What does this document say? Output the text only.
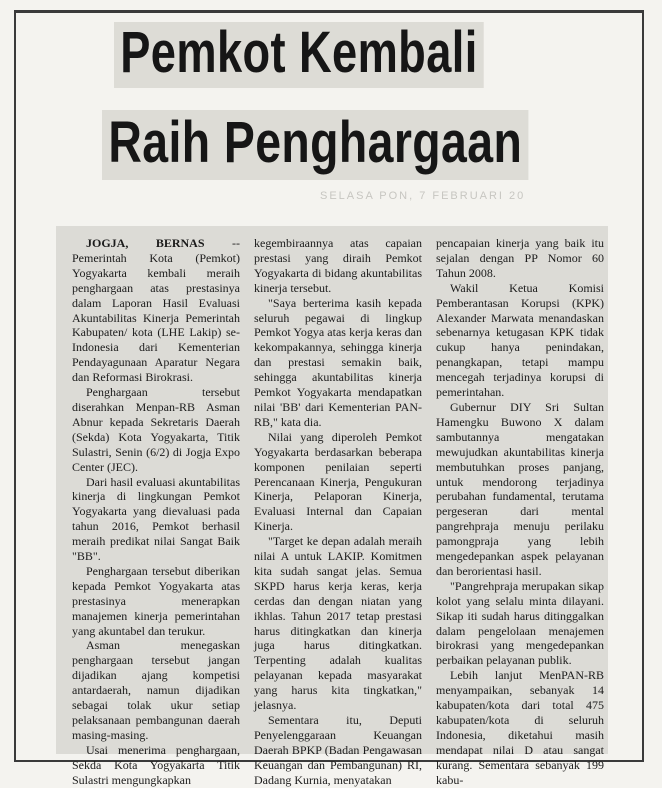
Pemkot Kembali
Raih Penghargaan
SELASA PON, 7 FEBRUARI 20

JOGJA, BERNAS -- Pemerintah Kota (Pemkot) Yogyakarta kembali meraih penghargaan atas prestasinya dalam Laporan Hasil Evaluasi Akuntabilitas Kinerja Pemerintah Kabupaten/ kota (LHE Lakip) se-Indonesia dari Kementerian Pendayagunaan Aparatur Negara dan Reformasi Birokrasi.

Penghargaan tersebut diserahkan Menpan-RB Asman Abnur kepada Sekretaris Daerah (Sekda) Kota Yogyakarta, Titik Sulastri, Senin (6/2) di Jogja Expo Center (JEC).

Dari hasil evaluasi akuntabilitas kinerja di lingkungan Pemkot Yogyakarta yang dievaluasi pada tahun 2016, Pemkot berhasil meraih predikat nilai Sangat Baik "BB".

Penghargaan tersebut diberikan kepada Pemkot Yogyakarta atas prestasinya menerapkan manajemen kinerja pemerintahan yang akuntabel dan terukur.

Asman menegaskan penghargaan tersebut jangan dijadikan ajang kompetisi antardaerah, namun dijadikan sebagai tolak ukur setiap pelaksanaan pembangunan daerah masing-masing.

Usai menerima penghargaan, Sekda Kota Yogyakarta Titik Sulastri mengungkapkan

kegembiraannya atas capaian prestasi yang diraih Pemkot Yogyakarta di bidang akuntabilitas kinerja tersebut.

"Saya berterima kasih kepada seluruh pegawai di lingkup Pemkot Yogya atas kerja keras dan kekompakannya, sehingga kinerja dan prestasi semakin baik, sehingga akuntabilitas kinerja Pemkot Yogyakarta mendapatkan nilai 'BB' dari Kementerian PAN-RB," kata dia.

Nilai yang diperoleh Pemkot Yogyakarta berdasarkan beberapa komponen penilaian seperti Perencanaan Kinerja, Pengukuran Kinerja, Pelaporan Kinerja, Evaluasi Internal dan Capaian Kinerja.

"Target ke depan adalah meraih nilai A untuk LAKIP. Komitmen kita sudah sangat jelas. Semua SKPD harus kerja keras, kerja cerdas dan dengan niatan yang ikhlas. Tahun 2017 tetap prestasi harus ditingkatkan dan kinerja juga harus ditingkatkan. Terpenting adalah kualitas pelayanan kepada masyarakat yang harus kita tingkatkan," jelasnya.

Sementara itu, Deputi Penyelenggaraan Keuangan Daerah BPKP (Badan Pengawasan Keuangan dan Pembangunan) RI, Dadang Kurnia, menyatakan

pencapaian kinerja yang baik itu sejalan dengan PP Nomor 60 Tahun 2008.

Wakil Ketua Komisi Pemberantasan Korupsi (KPK) Alexander Marwata menandaskan sebenarnya ketugasan KPK tidak cukup hanya penindakan, penangkapan, tetapi mampu mencegah terjadinya korupsi di pemerintahan.

Gubernur DIY Sri Sultan Hamengku Buwono X dalam sambutannya mengatakan mewujudkan akuntabilitas kinerja membutuhkan proses panjang, untuk mendorong terjadinya perubahan fundamental, terutama pergeseran dari mental pangrehpraja menuju perilaku pamongpraja yang lebih mengedepankan aspek pelayanan dan berorientasi hasil.

"Pangrehpraja merupakan sikap kolot yang selalu minta dilayani. Sikap iti sudah harus ditinggalkan dalam pengelolaan menajemen birokrasi yang mengedepankan perbaikan pelayanan publik.

Lebih lanjut MenPAN-RB menyampaikan, sebanyak 14 kabupaten/kota dari total 475 kabupaten/kota di seluruh Indonesia, diketahui masih mendapat nilai D atau sangat kurang. Sementara sebanyak 199 kabu-
